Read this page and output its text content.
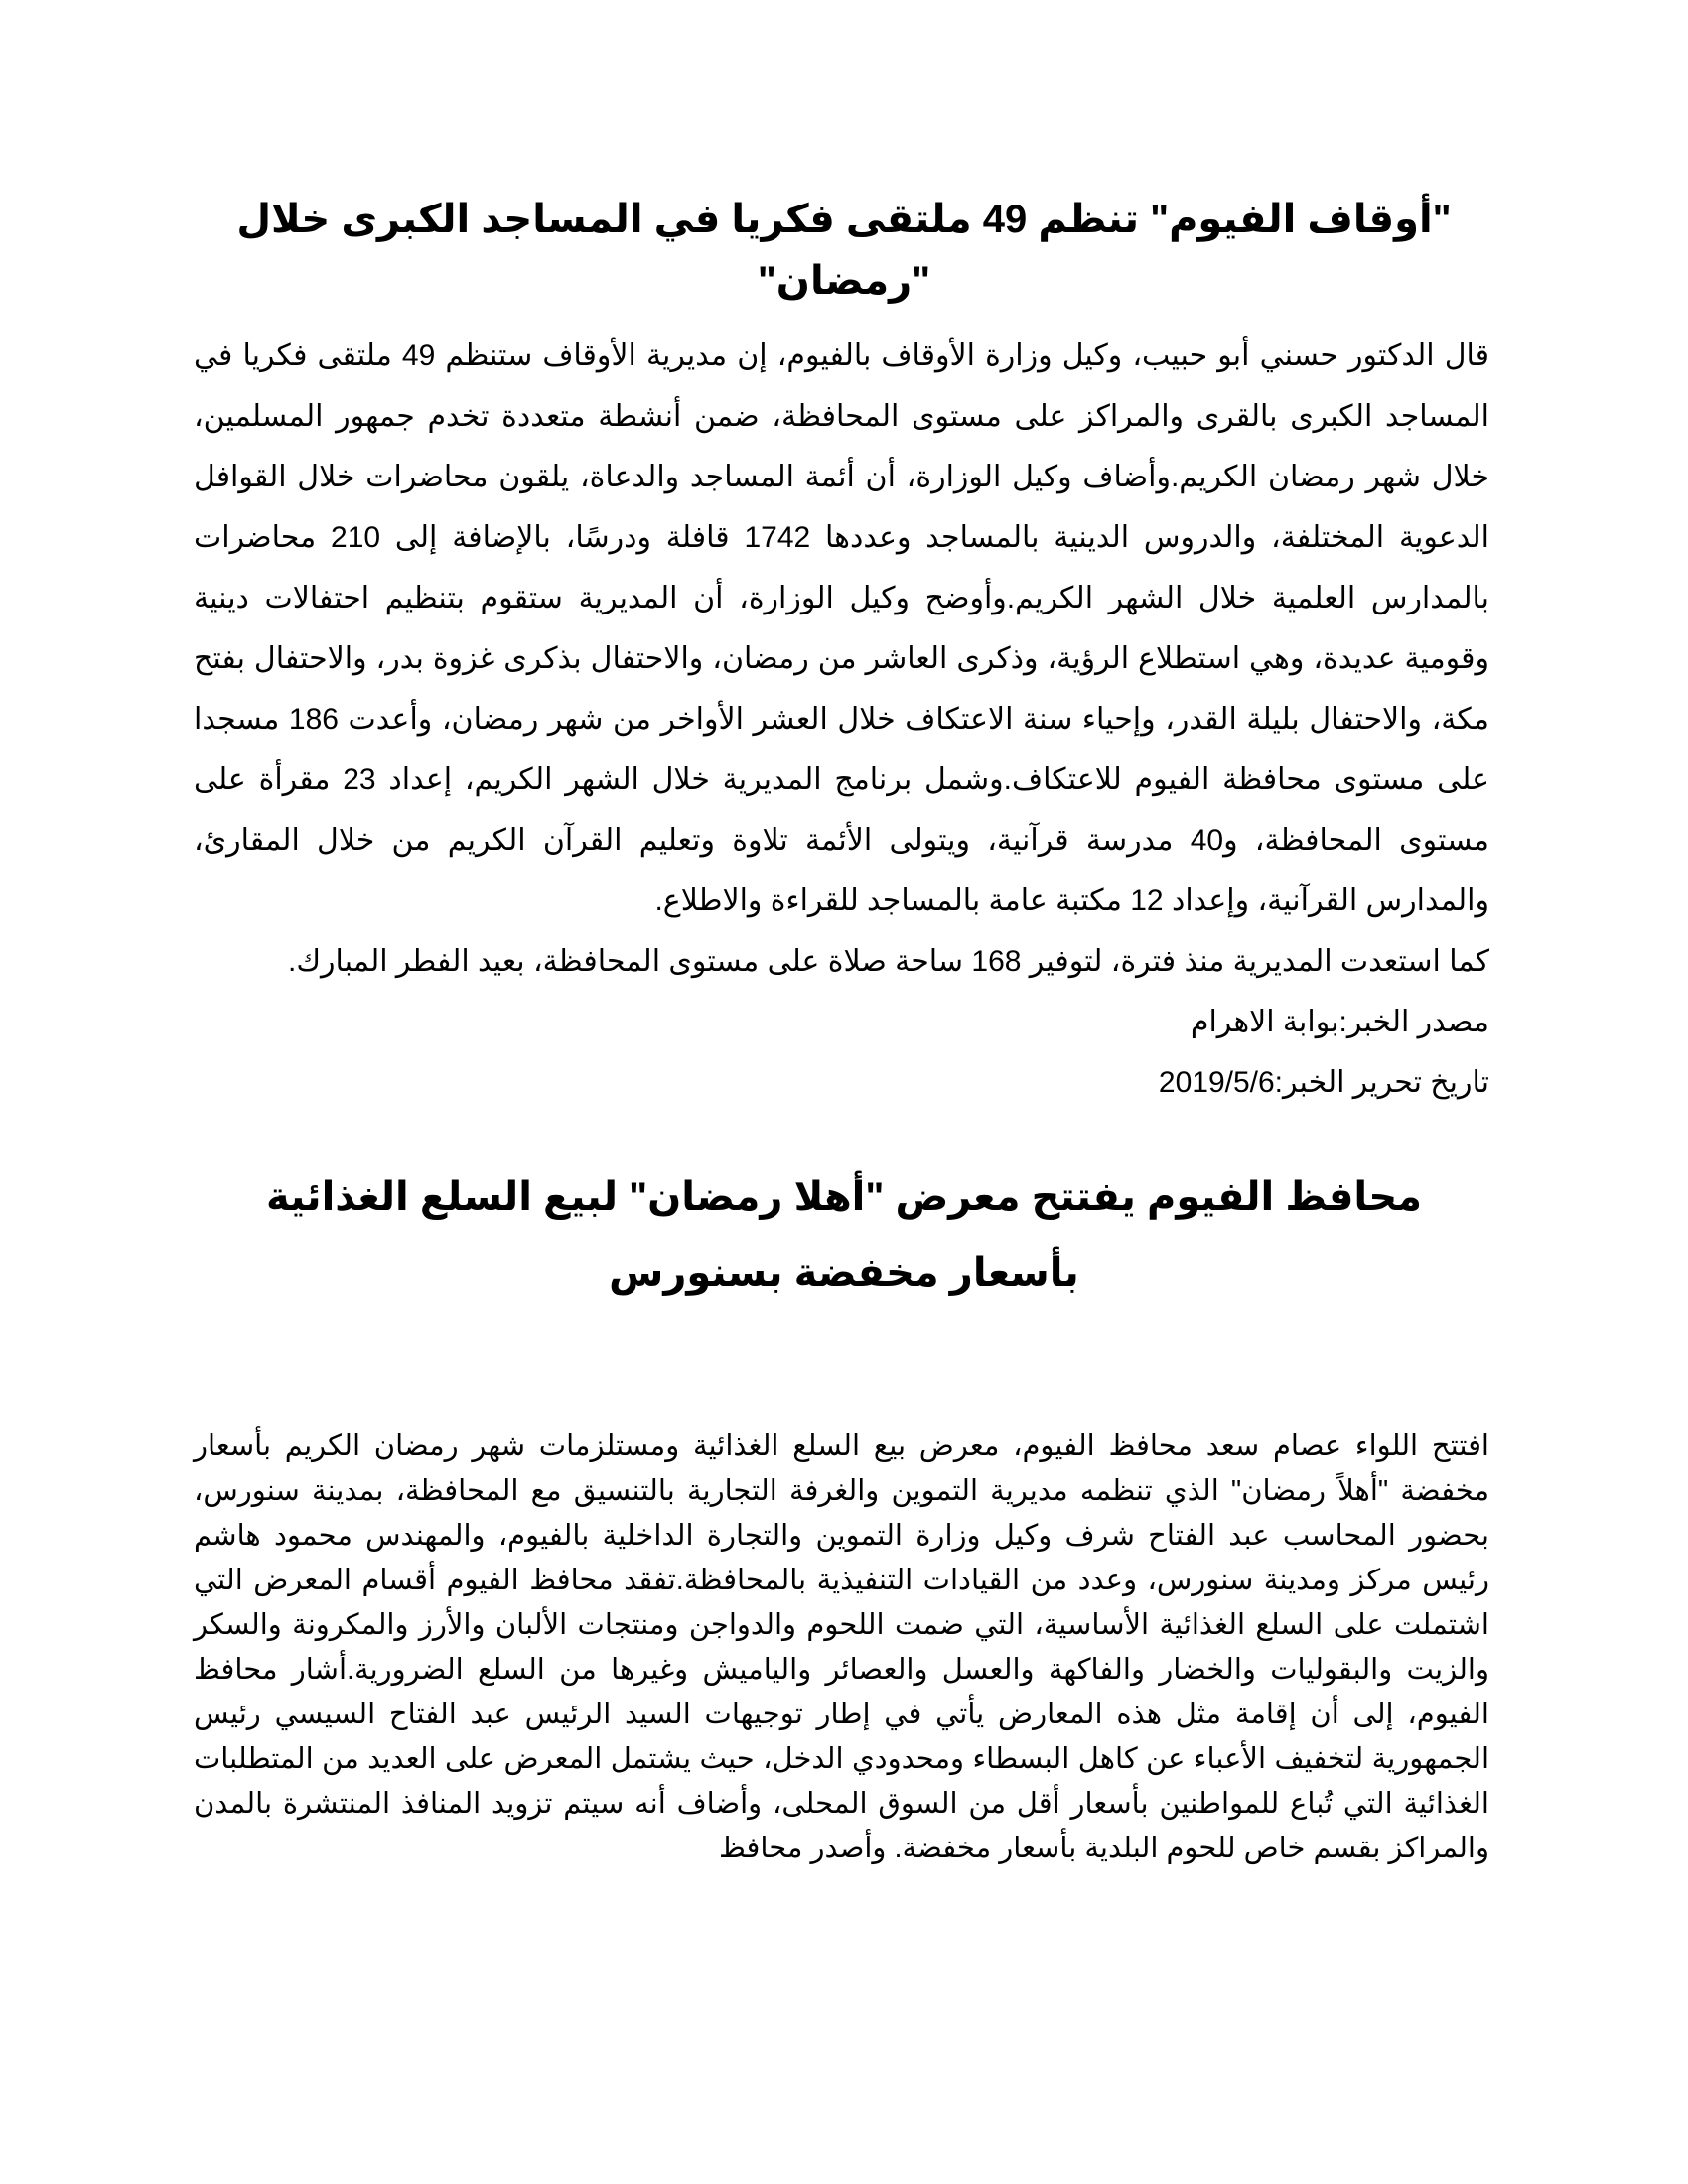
"أوقاف الفيوم" تنظم 49 ملتقى فكريا في المساجد الكبرى خلال "رمضان"

قال الدكتور حسني أبو حبيب، وكيل وزارة الأوقاف بالفيوم، إن مديرية الأوقاف ستنظم 49 ملتقى فكريا في المساجد الكبرى بالقرى والمراكز على مستوى المحافظة، ضمن أنشطة متعددة تخدم جمهور المسلمين، خلال شهر رمضان الكريم.وأضاف وكيل الوزارة، أن أئمة المساجد والدعاة، يلقون محاضرات خلال القوافل الدعوية المختلفة، والدروس الدينية بالمساجد وعددها 1742 قافلة ودرسًا، بالإضافة إلى 210 محاضرات بالمدارس العلمية خلال الشهر الكريم.وأوضح وكيل الوزارة، أن المديرية ستقوم بتنظيم احتفالات دينية وقومية عديدة، وهي استطلاع الرؤية، وذكرى العاشر من رمضان، والاحتفال بذكرى غزوة بدر، والاحتفال بفتح مكة، والاحتفال بليلة القدر، وإحياء سنة الاعتكاف خلال العشر الأواخر من شهر رمضان، وأعدت 186 مسجدا على مستوى محافظة الفيوم للاعتكاف.وشمل برنامج المديرية خلال الشهر الكريم، إعداد 23 مقرأة على مستوى المحافظة، و40 مدرسة قرآنية، ويتولى الأئمة تلاوة وتعليم القرآن الكريم من خلال المقارئ، والمدارس القرآنية، وإعداد 12 مكتبة عامة بالمساجد للقراءة والاطلاع.

كما استعدت المديرية منذ فترة، لتوفير 168 ساحة صلاة على مستوى المحافظة، بعيد الفطر المبارك.

مصدر الخبر:بوابة الاهرام

تاريخ تحرير الخبر:2019/5/6

محافظ الفيوم يفتتح معرض "أهلا رمضان" لبيع السلع الغذائية بأسعار مخفضة بسنورس

افتتح اللواء عصام سعد محافظ الفيوم، معرض بيع السلع الغذائية ومستلزمات شهر رمضان الكريم بأسعار مخفضة "أهلاً رمضان" الذي تنظمه مديرية التموين والغرفة التجارية بالتنسيق مع المحافظة، بمدينة سنورس، بحضور المحاسب عبد الفتاح شرف وكيل وزارة التموين والتجارة الداخلية بالفيوم، والمهندس محمود هاشم رئيس مركز ومدينة سنورس، وعدد من القيادات التنفيذية بالمحافظة.تفقد محافظ الفيوم أقسام المعرض التي اشتملت على السلع الغذائية الأساسية، التي ضمت اللحوم والدواجن ومنتجات الألبان والأرز والمكرونة والسكر والزيت والبقوليات والخضار والفاكهة والعسل والعصائر والياميش وغيرها من السلع الضرورية.أشار محافظ الفيوم، إلى أن إقامة مثل هذه المعارض يأتي في إطار توجيهات السيد الرئيس عبد الفتاح السيسي رئيس الجمهورية لتخفيف الأعباء عن كاهل البسطاء ومحدودي الدخل، حيث يشتمل المعرض على العديد من المتطلبات الغذائية التي تُباع للمواطنين بأسعار أقل من السوق المحلى، وأضاف أنه سيتم تزويد المنافذ المنتشرة بالمدن والمراكز بقسم خاص للحوم البلدية بأسعار مخفضة. وأصدر محافظ
